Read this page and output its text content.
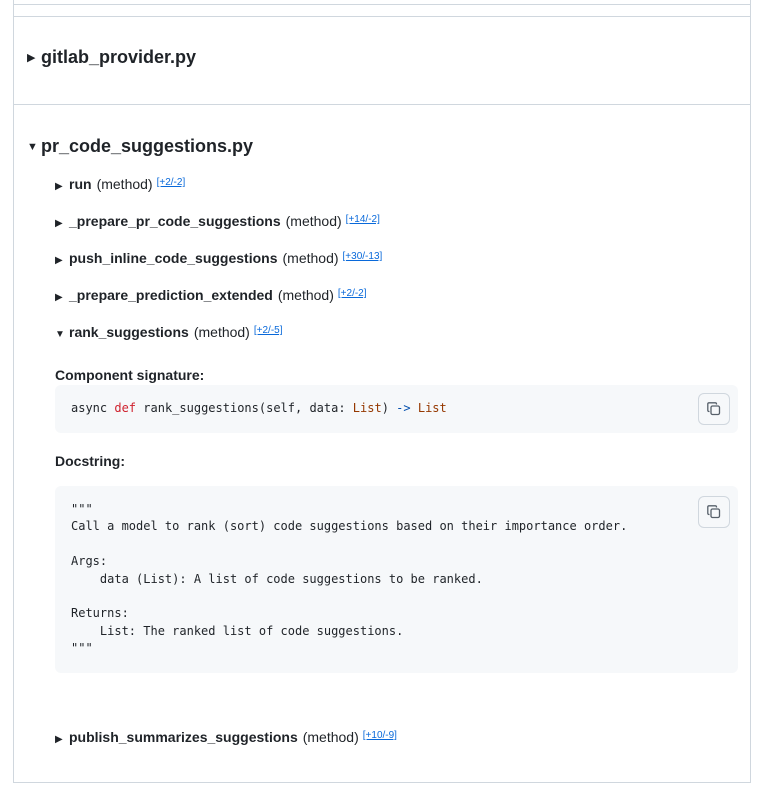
▶ gitlab_provider.py
▼ pr_code_suggestions.py
▶ run (method) [+2/-2]
▶ _prepare_pr_code_suggestions (method) [+14/-2]
▶ push_inline_code_suggestions (method) [+30/-13]
▶ _prepare_prediction_extended (method) [+2/-2]
▼ rank_suggestions (method) [+2/-5]
Component signature:
async def rank_suggestions(self, data: List) -> List
Docstring:
"""
Call a model to rank (sort) code suggestions based on their importance order.

Args:
data (List): A list of code suggestions to be ranked.

Returns:
List: The ranked list of code suggestions.
"""
▶ publish_summarizes_suggestions (method) [+10/-9]
